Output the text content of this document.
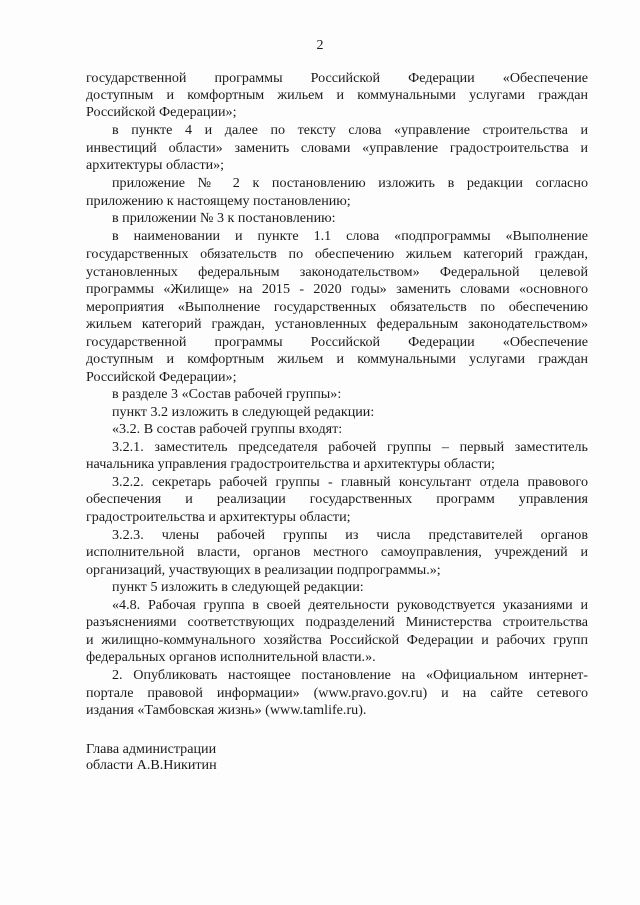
2
государственной программы Российской Федерации «Обеспечение
доступным и комфортным жильем и коммунальными услугами граждан
Российской Федерации»;
в пункте 4 и далее по тексту слова «управление строительства и
инвестиций области» заменить словами «управление градостроительства и
архитектуры области»;
приложение № 2 к постановлению изложить в редакции согласно
приложению к настоящему постановлению;
в приложении № 3 к постановлению:
в наименовании и пункте 1.1 слова «подпрограммы «Выполнение
государственных обязательств по обеспечению жильем категорий граждан,
установленных федеральным законодательством» Федеральной целевой
программы «Жилище» на 2015 - 2020 годы» заменить словами «основного
мероприятия «Выполнение государственных обязательств по обеспечению
жильем категорий граждан, установленных федеральным законодательством»
государственной программы Российской Федерации «Обеспечение
доступным и комфортным жильем и коммунальными услугами граждан
Российской Федерации»;
в разделе 3 «Состав рабочей группы»:
пункт 3.2 изложить в следующей редакции:
«3.2. В состав рабочей группы входят:
3.2.1. заместитель председателя рабочей группы – первый заместитель
начальника управления градостроительства и архитектуры области;
3.2.2. секретарь рабочей группы - главный консультант отдела правового
обеспечения и реализации государственных программ управления
градостроительства и архитектуры области;
3.2.3. члены рабочей группы из числа представителей органов
исполнительной власти, органов местного самоуправления, учреждений и
организаций, участвующих в реализации подпрограммы.»;
пункт 5 изложить в следующей редакции:
«4.8. Рабочая группа в своей деятельности руководствуется указаниями и
разъяснениями соответствующих подразделений Министерства строительства
и жилищно-коммунального хозяйства Российской Федерации и рабочих групп
федеральных органов исполнительной власти.».
2. Опубликовать настоящее постановление на «Официальном интернет-
портале правовой информации» (www.pravo.gov.ru) и на сайте сетевого
издания «Тамбовская жизнь» (www.tamlife.ru).
Глава администрации
области А.В.Никитин
